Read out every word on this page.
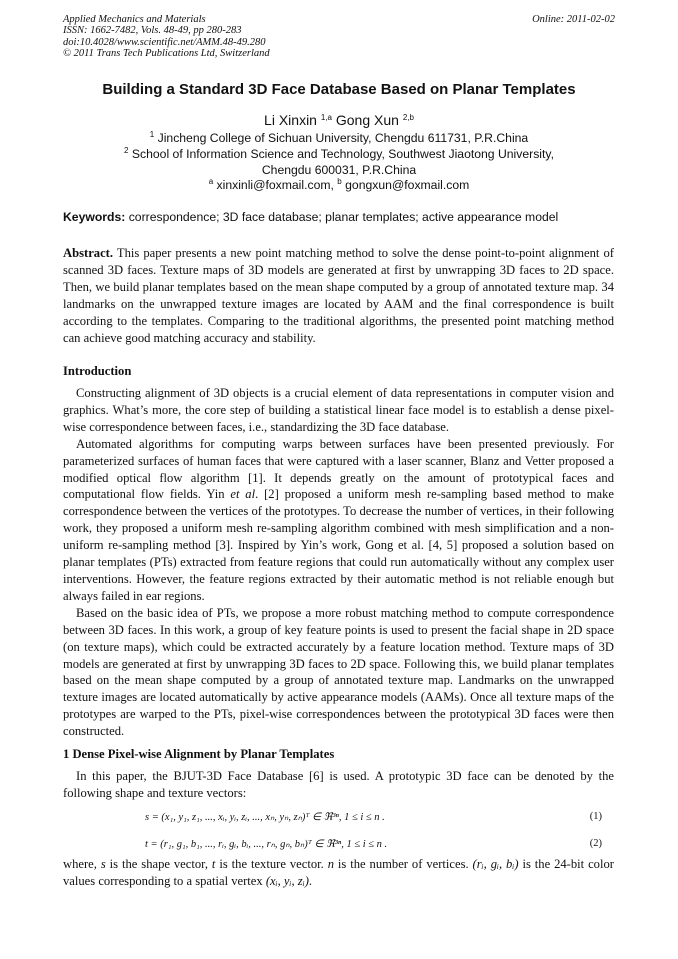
Applied Mechanics and Materials
ISSN: 1662-7482, Vols. 48-49, pp 280-283
doi:10.4028/www.scientific.net/AMM.48-49.280
© 2011 Trans Tech Publications Ltd, Switzerland
Online: 2011-02-02
Building a Standard 3D Face Database Based on Planar Templates
Li Xinxin $^{1,a}$ Gong Xun $^{2,b}$
$^1$ Jincheng College of Sichuan University, Chengdu 611731, P.R.China
$^2$ School of Information Science and Technology, Southwest Jiaotong University,
Chengdu 600031, P.R.China
$^a$ xinxinli@foxmail.com, $^b$ gongxun@foxmail.com
Keywords: correspondence; 3D face database; planar templates; active appearance model

Abstract. This paper presents a new point matching method to solve the dense point-to-point alignment of scanned 3D faces. Texture maps of 3D models are generated at first by unwrapping 3D faces to 2D space. Then, we build planar templates based on the mean shape computed by a group of annotated texture map. 34 landmarks on the unwrapped texture images are located by AAM and the final correspondence is built according to the templates. Comparing to the traditional algorithms, the presented point matching method can achieve good matching accuracy and stability.

Introduction

Constructing alignment of 3D objects is a crucial element of data representations in computer vision and graphics. What’s more, the core step of building a statistical linear face model is to establish a dense pixel-wise correspondence between faces, i.e., standardizing the 3D face database.

Automated algorithms for computing warps between surfaces have been presented previously. For parameterized surfaces of human faces that were captured with a laser scanner, Blanz and Vetter proposed a modified optical flow algorithm [1]. It depends greatly on the amount of prototypical faces and computational flow fields. Yin et al. [2] proposed a uniform mesh re-sampling based method to make correspondence between the vertices of the prototypes. To decrease the number of vertices, in their following work, they proposed a uniform mesh re-sampling algorithm combined with mesh simplification and a non-uniform re-sampling method [3]. Inspired by Yin’s work, Gong et al. [4, 5] proposed a solution based on planar templates (PTs) extracted from feature regions that could run automatically without any complex user interventions. However, the feature regions extracted by their automatic method is not reliable enough but always failed in ear regions.

Based on the basic idea of PTs, we propose a more robust matching method to compute correspondence between 3D faces. In this work, a group of key feature points is used to present the facial shape in 2D space (on texture maps), which could be extracted accurately by a feature location method. Texture maps of 3D models are generated at first by unwrapping 3D faces to 2D space. Following this, we build planar templates based on the mean shape computed by a group of annotated texture map. Landmarks on the unwrapped texture images are located automatically by active appearance models (AAMs). Once all texture maps of the prototypes are warped to the PTs, pixel-wise correspondences between the prototypical 3D faces were then constructed.

1 Dense Pixel-wise Alignment by Planar Templates

In this paper, the BJUT-3D Face Database [6] is used. A prototypic 3D face can be denoted by the following shape and texture vectors:

s = (x₁, y₁, z₁, ..., xᵢ, yᵢ, zᵢ, ..., xₙ, yₙ, zₙ)ᵀ ∈ ℜ³ⁿ, 1 ≤ i ≤ n .	(1)
t = (r₁, g₁, b₁, ..., rᵢ, gᵢ, bᵢ, ..., rₙ, gₙ, bₙ)ᵀ ∈ ℜ³ⁿ, 1 ≤ i ≤ n .	(2)

where, s is the shape vector, t is the texture vector. n is the number of vertices. (rᵢ, gᵢ, bᵢ) is the 24-bit color values corresponding to a spatial vertex (xᵢ, yᵢ, zᵢ).
